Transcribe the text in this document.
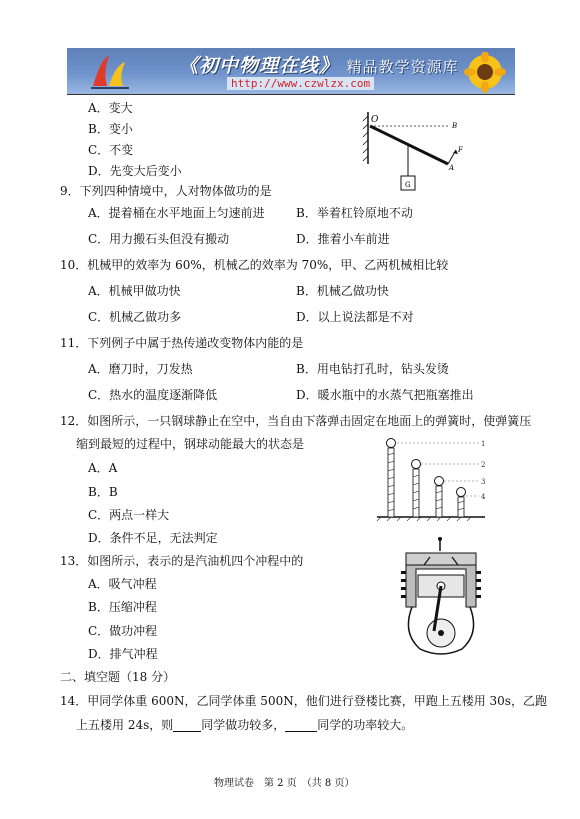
《初中物理在线》 精品教学资源库
http://www.czwlzx.com
A．变大
B．变小
C．不变
D．先变大后变小
O
B
F
A
G
9．下列四种情境中，人对物体做功的是
A．提着桶在水平地面上匀速前进	B．举着杠铃原地不动
C．用力搬石头但没有搬动	D．推着小车前进
10．机械甲的效率为 60%，机械乙的效率为 70%，甲、乙两机械相比较
A．机械甲做功快	B．机械乙做功快
C．机械乙做功多	D．以上说法都是不对
11．下列例子中属于热传递改变物体内能的是
A．磨刀时，刀发热	B．用电钻打孔时，钻头发烫
C．热水的温度逐渐降低	D．暖水瓶中的水蒸气把瓶塞推出
12．如图所示，一只钢球静止在空中，当自由下落弹击固定在地面上的弹簧时，使弹簧压
缩到最短的过程中，钢球动能最大的状态是
A．A
B．B
C．两点一样大
D．条件不足，无法判定
1
2
3
4
13．如图所示，表示的是汽油机四个冲程中的
A．吸气冲程
B．压缩冲程
C．做功冲程
D．排气冲程
二、填空题（18 分）
14．甲同学体重 600N，乙同学体重 500N，他们进行登楼比赛，甲跑上五楼用 30s，乙跑
上五楼用 24s，则 同学做功较多，	同学的功率较大。
物理试卷　第 2 页　（共 8 页）
